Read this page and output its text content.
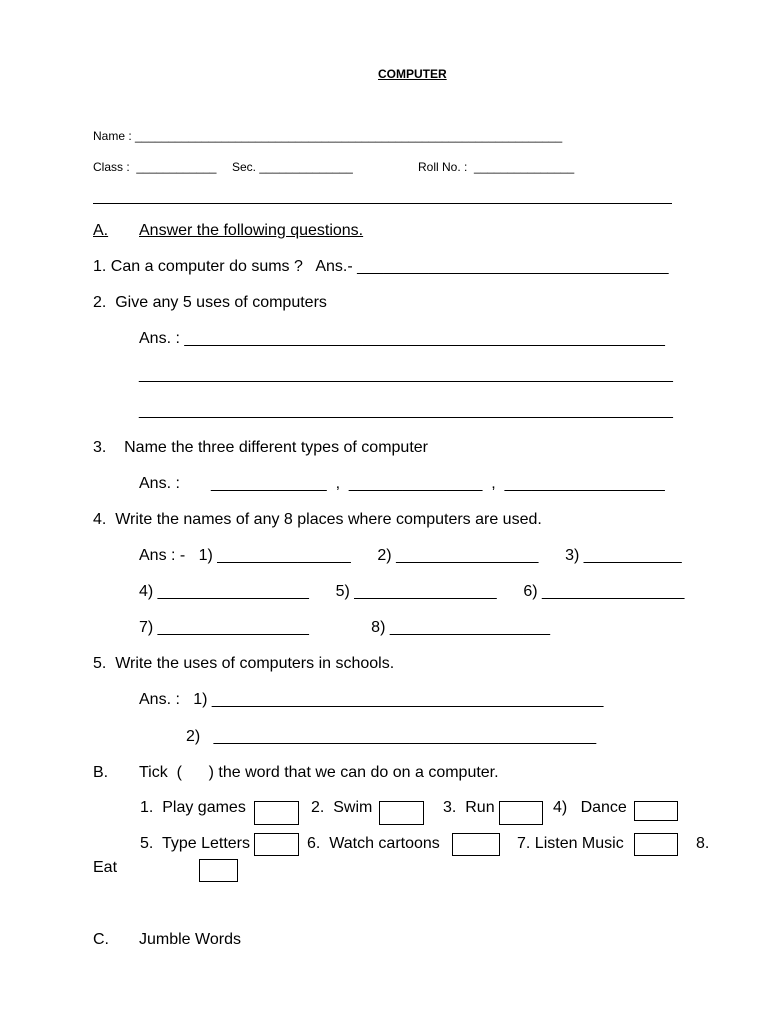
COMPUTER
Name : ________________________________________________________________
Class :  ____________ Sec. ______________	Roll No. :  _______________
A. Answer the following questions.
1. Can a computer do sums ?   Ans.- ___________________________________
2.  Give any 5 uses of computers
Ans. : ______________________________________________________
____________________________________________________________
____________________________________________________________
3.    Name the three different types of computer
Ans. :       _____________  ,  _______________  ,  __________________
4.  Write the names of any 8 places where computers are used.
Ans : -   1) _______________      2) ________________      3) ___________
4) _________________      5) ________________      6) ________________
7) _________________              8) __________________
5.  Write the uses of computers in schools.
Ans. :   1) ____________________________________________
2)   ___________________________________________
B. Tick  (      ) the word that we can do on a computer.
1.  Play games	2.  Swim	3.  Run	4)   Dance
5.  Type Letters	6.  Watch cartoons	7. Listen Music	8.
Eat
C. Jumble Words
